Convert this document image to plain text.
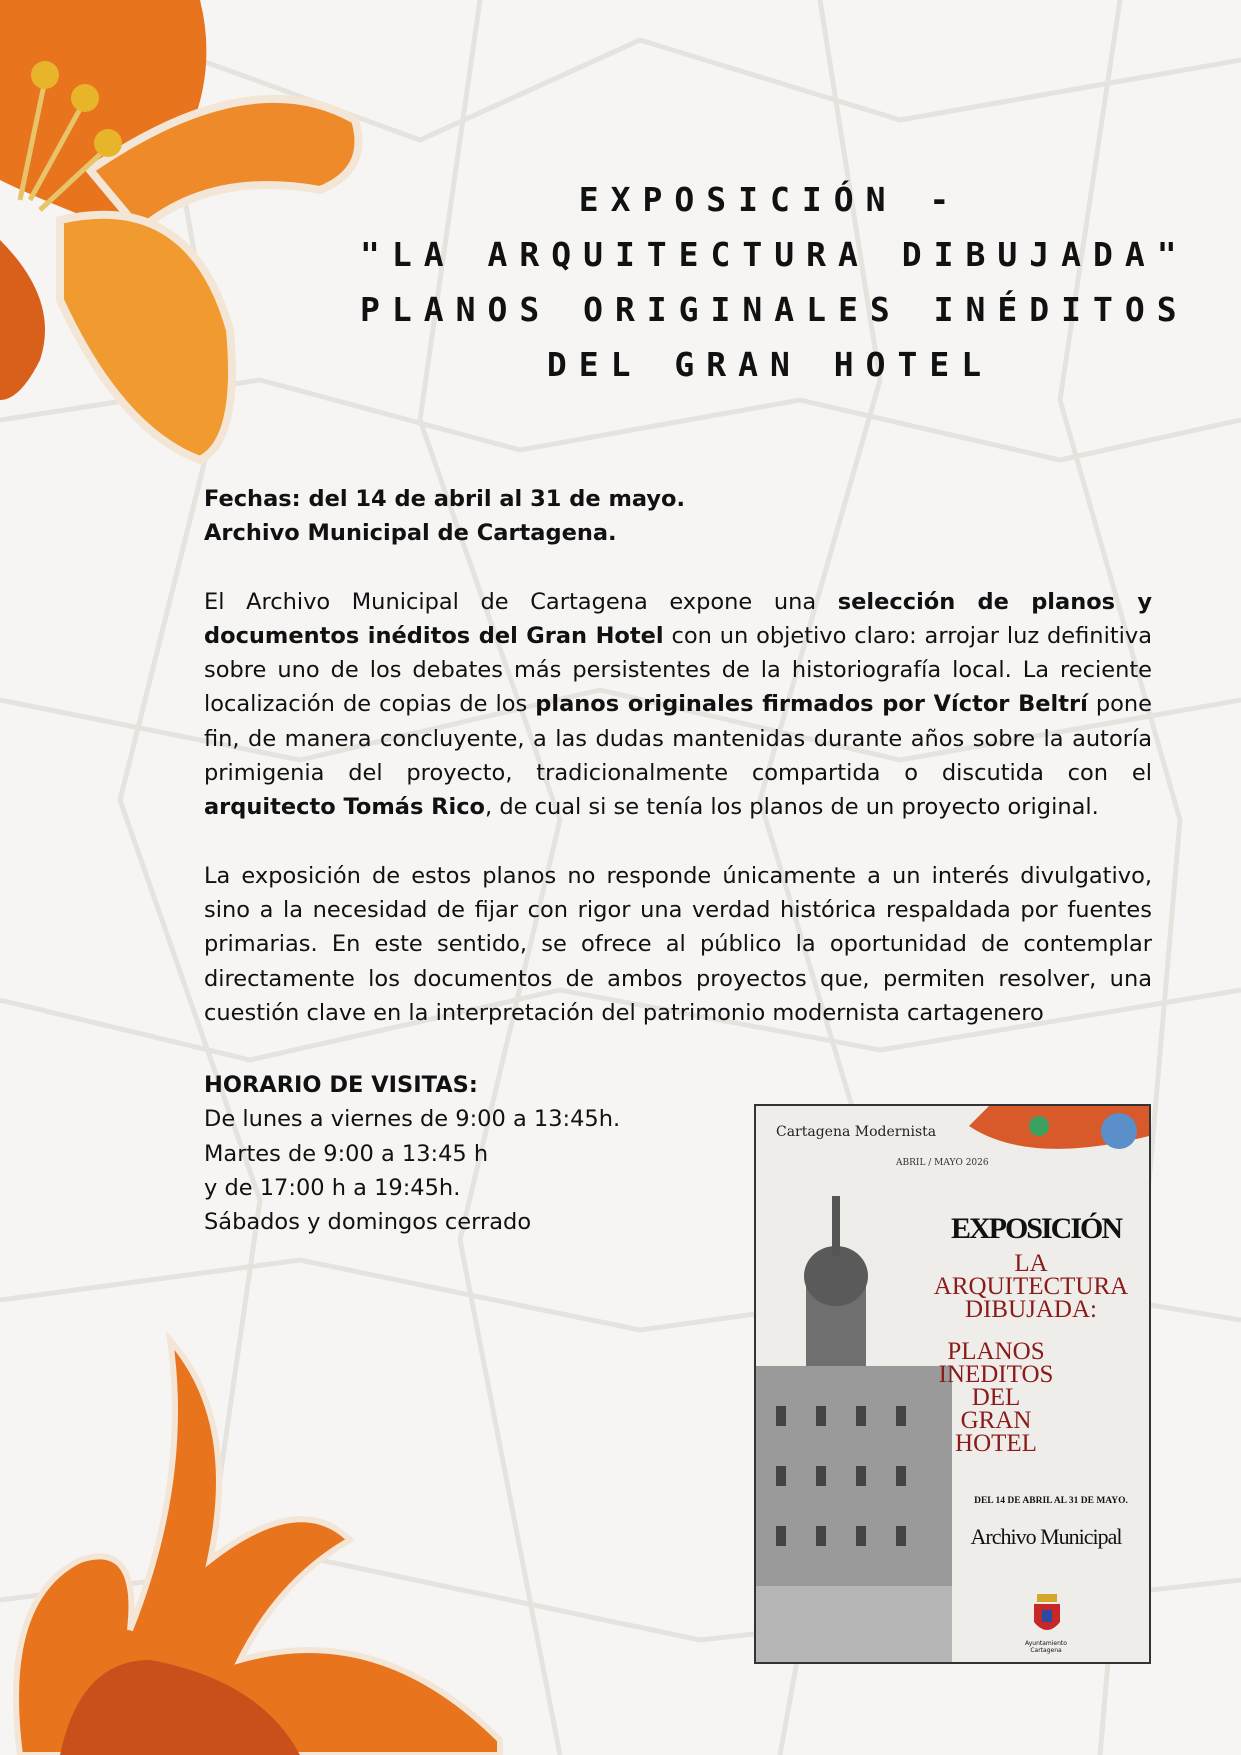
EXPOSICIÓN -
"LA ARQUITECTURA DIBUJADA"
PLANOS ORIGINALES INÉDITOS
DEL GRAN HOTEL

Fechas: del 14 de abril al 31 de mayo.
Archivo Municipal de Cartagena.

El Archivo Municipal de Cartagena expone una selección de planos y documentos inéditos del Gran Hotel con un objetivo claro: arrojar luz definitiva sobre uno de los debates más persistentes de la historiografía local. La reciente localización de copias de los planos originales firmados por Víctor Beltrí pone fin, de manera concluyente, a las dudas mantenidas durante años sobre la autoría primigenia del proyecto, tradicionalmente compartida o discutida con el arquitecto Tomás Rico, de cual si se tenía los planos de un proyecto original.

La exposición de estos planos no responde únicamente a un interés divulgativo, sino a la necesidad de fijar con rigor una verdad histórica respaldada por fuentes primarias. En este sentido, se ofrece al público la oportunidad de contemplar directamente los documentos de ambos proyectos que, permiten resolver, una cuestión clave en la interpretación del patrimonio modernista cartagenero

HORARIO DE VISITAS:
De lunes a viernes de 9:00 a 13:45h.
Martes de 9:00 a 13:45 h
y de 17:00 h a 19:45h.
Sábados y domingos cerrado
Cartagena Modernista
ABRIL / MAYO 2026
EXPOSICIÓN
LA
ARQUITECTURA
DIBUJADA:
PLANOS
INEDITOS
DEL
GRAN
HOTEL
DEL 14 DE ABRIL AL 31 DE MAYO.
Archivo Municipal
Ayuntamiento
Cartagena
